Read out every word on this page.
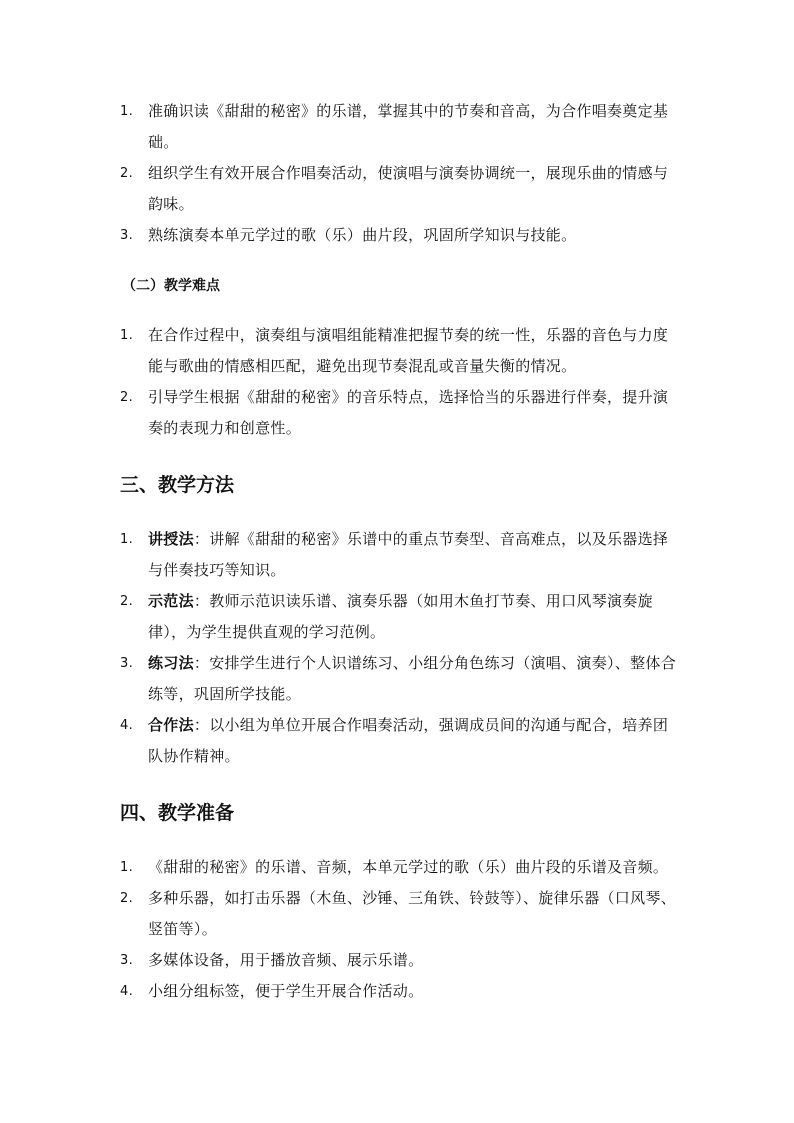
1. 准确识读《甜甜的秘密》的乐谱，掌握其中的节奏和音高，为合作唱奏奠定基础。
2. 组织学生有效开展合作唱奏活动，使演唱与演奏协调统一，展现乐曲的情感与韵味。
3. 熟练演奏本单元学过的歌（乐）曲片段，巩固所学知识与技能。
（二）教学难点
1. 在合作过程中，演奏组与演唱组能精准把握节奏的统一性，乐器的音色与力度能与歌曲的情感相匹配，避免出现节奏混乱或音量失衡的情况。
2. 引导学生根据《甜甜的秘密》的音乐特点，选择恰当的乐器进行伴奏，提升演奏的表现力和创意性。
三、教学方法
1. 讲授法：讲解《甜甜的秘密》乐谱中的重点节奏型、音高难点，以及乐器选择与伴奏技巧等知识。
2. 示范法：教师示范识读乐谱、演奏乐器（如用木鱼打节奏、用口风琴演奏旋律），为学生提供直观的学习范例。
3. 练习法：安排学生进行个人识谱练习、小组分角色练习（演唱、演奏）、整体合练等，巩固所学技能。
4. 合作法：以小组为单位开展合作唱奏活动，强调成员间的沟通与配合，培养团队协作精神。
四、教学准备
1. 《甜甜的秘密》的乐谱、音频，本单元学过的歌（乐）曲片段的乐谱及音频。
2. 多种乐器，如打击乐器（木鱼、沙锤、三角铁、铃鼓等）、旋律乐器（口风琴、竖笛等）。
3. 多媒体设备，用于播放音频、展示乐谱。
4. 小组分组标签，便于学生开展合作活动。
